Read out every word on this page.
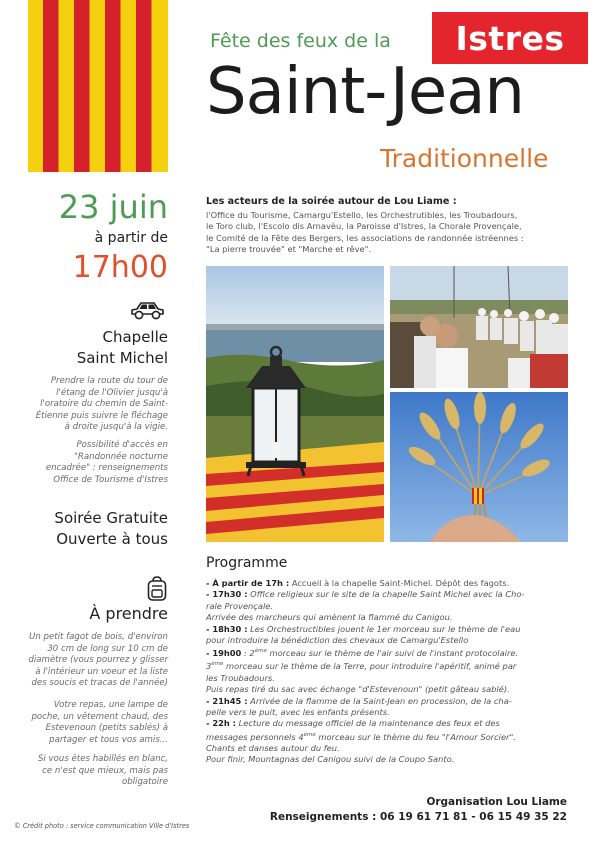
Istres
Fête des feux de la
Saint-Jean
Traditionnelle
23 juin
à partir de
17h00
Chapelle
Saint Michel
Prendre la route du tour de l'étang de l'Olivier jusqu'à l'oratoire du chemin de Saint-Étienne puis suivre le fléchage à droite jusqu'à la vigie.
Possibilité d'accès en "Randonnée nocturne encadrée" : renseignements Office de Tourisme d'Istres
Soirée Gratuite
Ouverte à tous
À prendre
Un petit fagot de bois, d'environ 30 cm de long sur 10 cm de diamètre (vous pourrez y glisser à l'intérieur un voeur et la liste des soucis et tracas de l'année)
Votre repas, une lampe de poche, un vêtement chaud, des Estevenoun (petits sablés) à partager et tous vos amis...
Si vous êtes habillés en blanc, ce n'est que mieux, mais pas obligatoire
© Crédit photo : service communication Ville d'Istres
Les acteurs de la soirée autour de Lou Liame :
l'Office du Tourisme, Camargu'Estello, les Orchestrutibles, les Troubadours,
le Toro club, l'Escolo dis Arnavèu, la Paroisse d'Istres, la Chorale Provençale,
le Comité de la Fête des Bergers, les associations de randonnée istréennes :
"La pierre trouvée" et "Marche et rêve".
Programme
- À partir de 17h : Accueil à la chapelle Saint-Michel. Dépôt des fagots.
- 17h30 : Office religieux sur le site de la chapelle Saint Michel avec la Cho-
rale Provençale.
Arrivée des marcheurs qui amènent la flammé du Canigou.
- 18h30 : Les Orchestructibles jouent le 1er morceau sur le thème de l'eau
pour introduire la bénédiction des chevaux de Camargu'Estello
- 19h00 : 2ème morceau sur le thème de l'air suivi de l'instant protocolaire.
3ème morceau sur le thème de la Terre, pour introduire l'apéritif, animé par
les Troubadours.
Puis repas tiré du sac avec échange "d'Estevenoun" (petit gâteau sablé).
- 21h45 : Arrivée de la flamme de la Saint-Jean en procession, de la cha-
pelle vers le puit, avec les enfants présents.
- 22h : Lecture du message officiel de la maintenance des feux et des
messages personnels 4ème morceau sur le thème du feu "l'Amour Sorcier".
Chants et danses autour du feu.
Pour finir, Mountagnas del Canigou suivi de la Coupo Santo.
Organisation Lou Liame
Renseignements : 06 19 61 71 81 - 06 15 49 35 22
